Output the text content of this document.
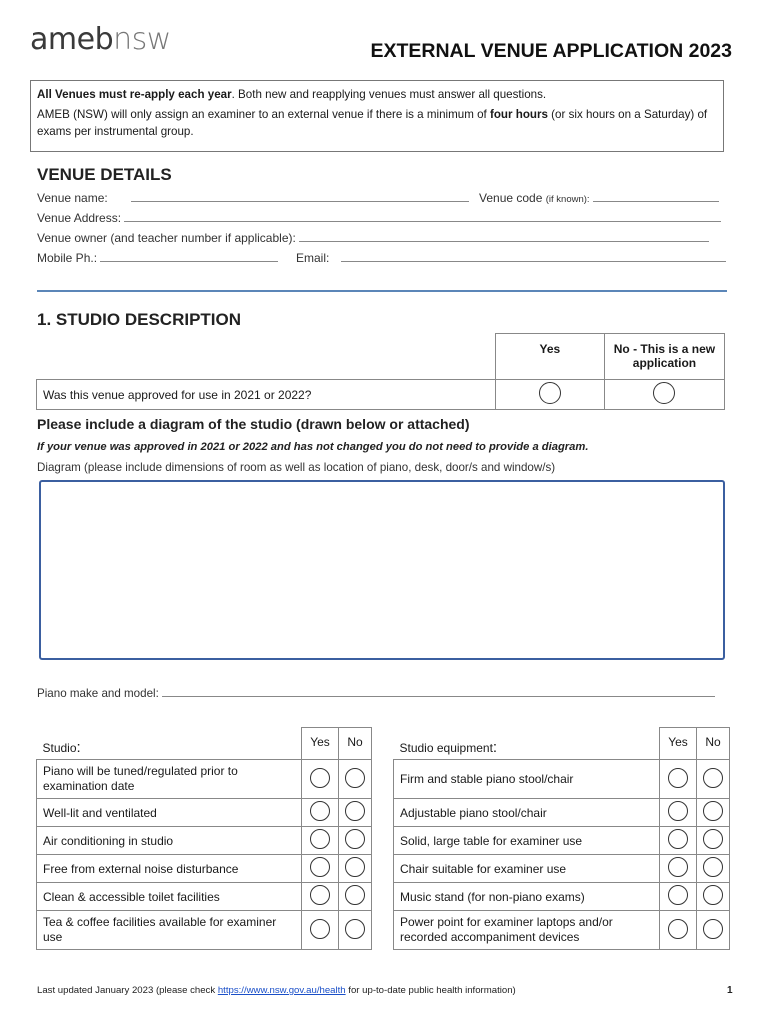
amebnsw	EXTERNAL VENUE APPLICATION 2023

All Venues must re-apply each year. Both new and reapplying venues must answer all questions.

AMEB (NSW) will only assign an examiner to an external venue if there is a minimum of four hours (or six hours on a Saturday) of exams per instrumental group.

VENUE DETAILS
Venue name:	Venue code (if known):
Venue Address:
Venue owner (and teacher number if applicable):
Mobile Ph.:	Email:
1. STUDIO DESCRIPTION
	Yes	No - This is a new application
Was this venue approved for use in 2021 or 2022?		
Please include a diagram of the studio (drawn below or attached)
If your venue was approved in 2021 or 2022 and has not changed you do not need to provide a diagram.
Diagram (please include dimensions of room as well as location of piano, desk, door/s and window/s)
Piano make and model:
Studio:	Yes	No
Piano will be tuned/regulated prior to examination date		
Well-lit and ventilated		
Air conditioning in studio		
Free from external noise disturbance		
Clean & accessible toilet facilities		
Tea & coffee facilities available for examiner use		
Studio equipment:	Yes	No
Firm and stable piano stool/chair		
Adjustable piano stool/chair		
Solid, large table for examiner use		
Chair suitable for examiner use		
Music stand (for non-piano exams)		
Power point for examiner laptops and/or recorded accompaniment devices		
Last updated January 2023 (please check https://www.nsw.gov.au/health for up-to-date public health information)	1
